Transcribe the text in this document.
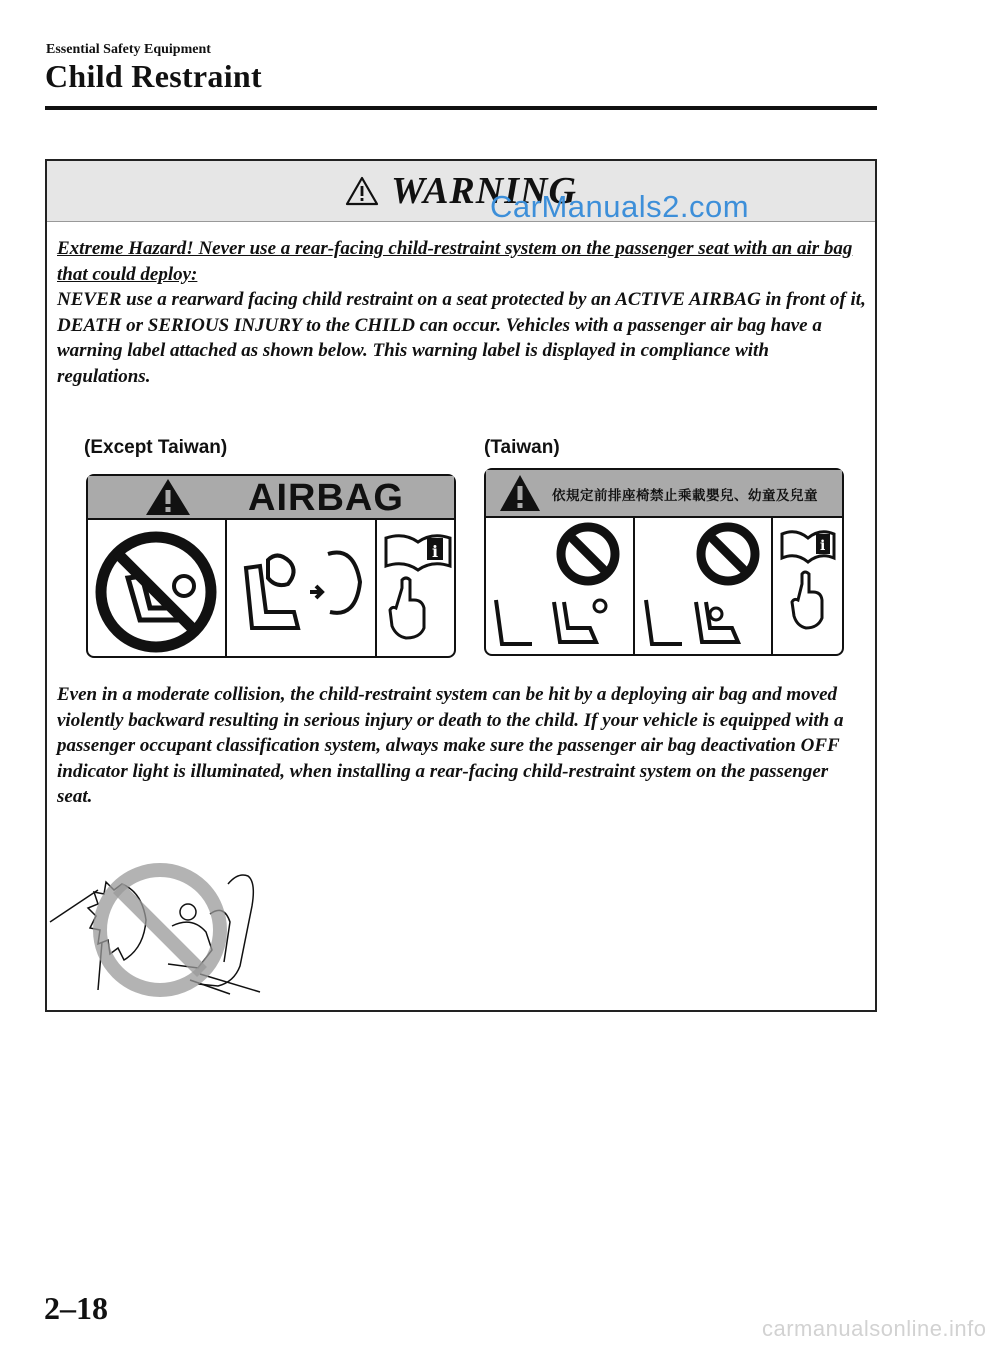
Essential Safety Equipment
Child Restraint
WARNING
Extreme Hazard! Never use a rear-facing child-restraint system on the passenger seat with an air bag that could deploy:
NEVER use a rearward facing child restraint on a seat protected by an ACTIVE AIRBAG in front of it, DEATH or SERIOUS INJURY to the CHILD can occur. Vehicles with a passenger air bag have a warning label attached as shown below. This warning label is displayed in compliance with regulations.
Even in a moderate collision, the child-restraint system can be hit by a deploying air bag and moved violently backward resulting in serious injury or death to the child. If your vehicle is equipped with a passenger occupant classification system, always make sure the passenger air bag deactivation OFF indicator light is illuminated, when installing a rear-facing child-restraint system on the passenger seat.
CarManuals2.com
(Except Taiwan)	(Taiwan)
AIRBAG
i
依規定前排座椅禁止乘載嬰兒、幼童及兒童
i
2–18
carmanualsonline.info
